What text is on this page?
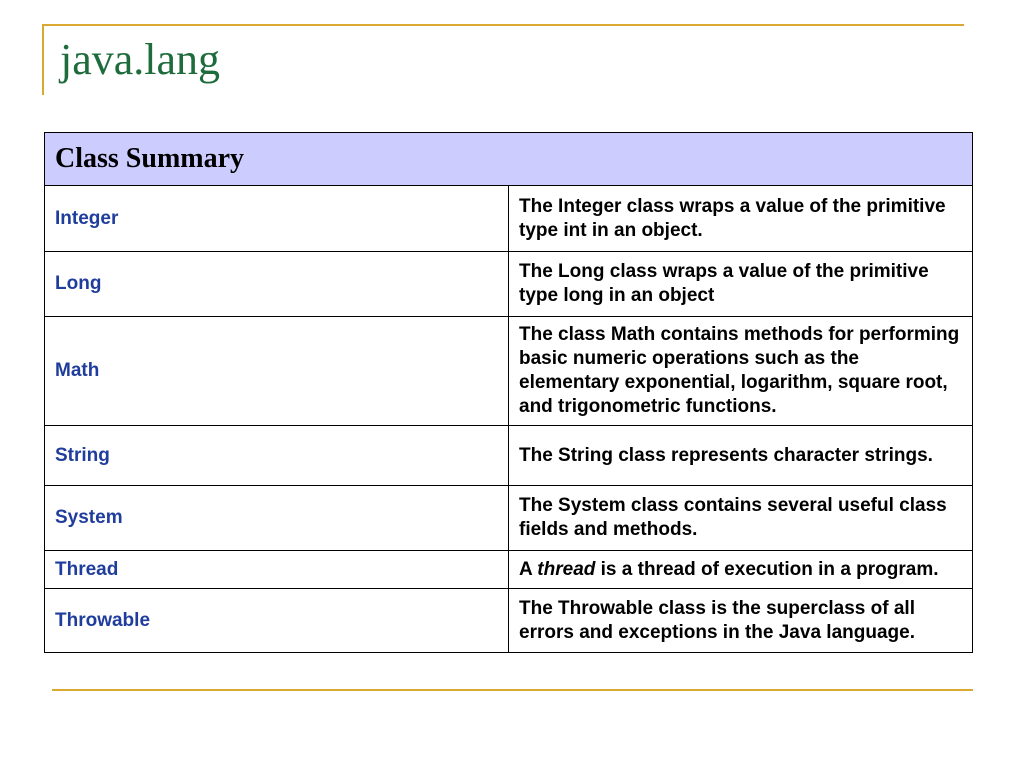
java.lang
Class Summary	
Integer	The Integer class wraps a value of the primitive type int in an object.
Long	The Long class wraps a value of the primitive type long in an object
Math	The class Math contains methods for performing basic numeric operations such as the elementary exponential, logarithm, square root, and trigonometric functions.
String	The String class represents character strings.
System	The System class contains several useful class fields and methods.
Thread	A thread is a thread of execution in a program.
Throwable	The Throwable class is the superclass of all errors and exceptions in the Java language.
